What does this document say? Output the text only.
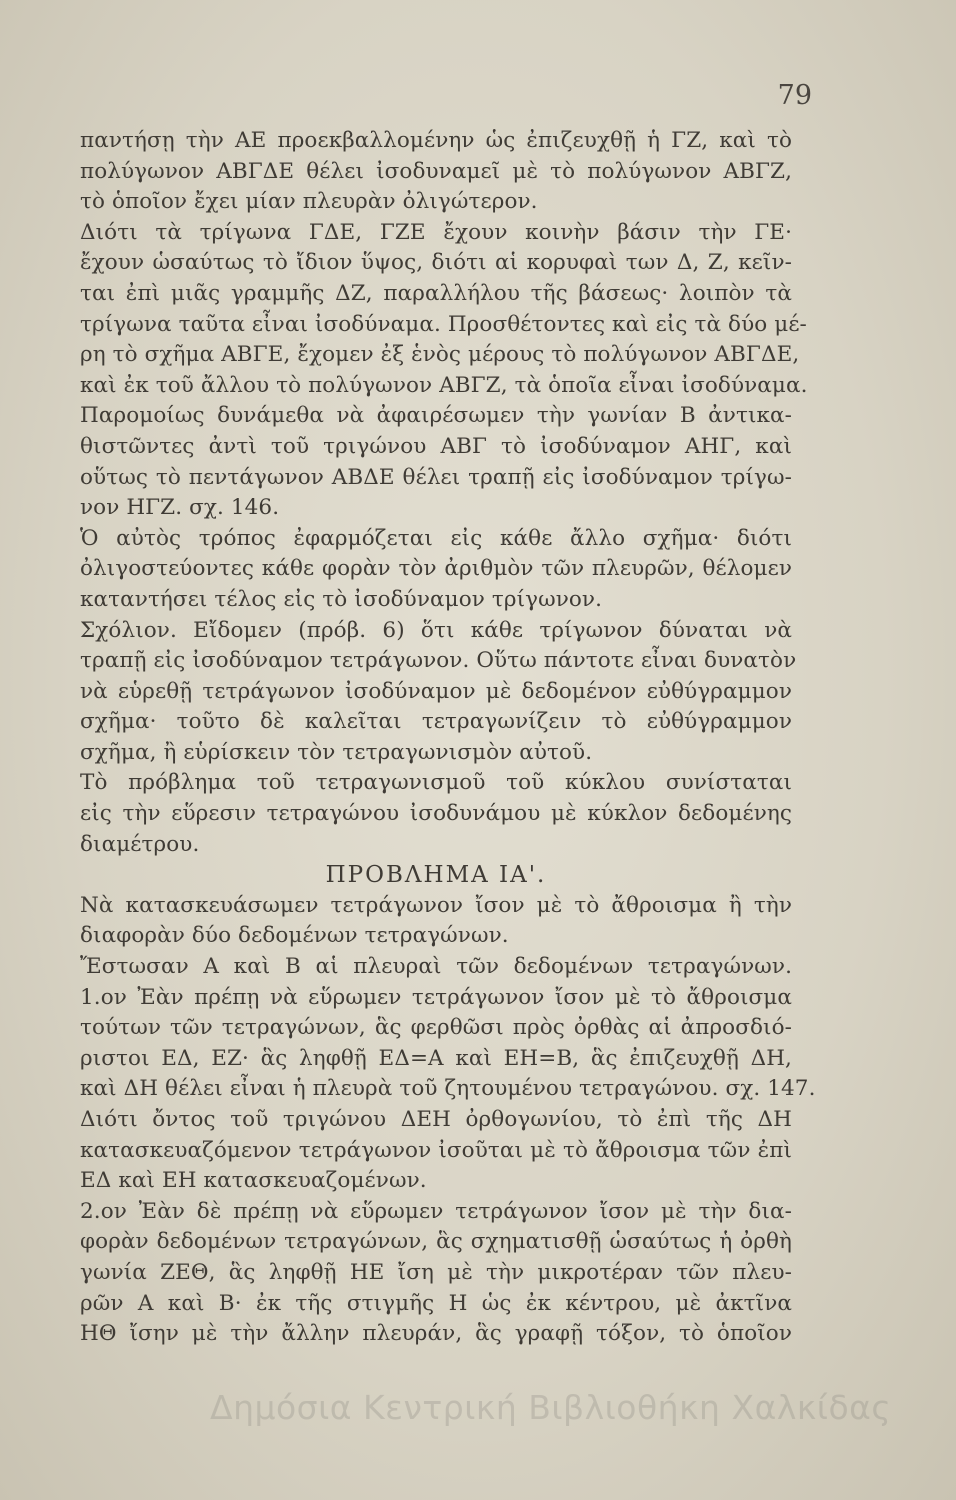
79
παντήσῃ τὴν ΑΕ προεκβαλλομένην ὡς ἐπιζευχθῇ ἡ ΓΖ, καὶ τὸ
πολύγωνον ΑΒΓΔΕ θέλει ἰσοδυναμεῖ μὲ τὸ πολύγωνον ΑΒΓΖ,
τὸ ὁποῖον ἔχει μίαν πλευρὰν ὀλιγώτερον.
Διότι τὰ τρίγωνα ΓΔΕ, ΓΖΕ ἔχουν κοινὴν βάσιν τὴν ΓΕ·
ἔχουν ὡσαύτως τὸ ἴδιον ὕψος, διότι αἱ κορυφαὶ των Δ, Ζ, κεῖν-
ται ἐπὶ μιᾶς γραμμῆς ΔΖ, παραλλήλου τῆς βάσεως· λοιπὸν τὰ
τρίγωνα ταῦτα εἶναι ἰσοδύναμα. Προσθέτοντες καὶ εἰς τὰ δύο μέ-
ρη τὸ σχῆμα ΑΒΓΕ, ἔχομεν ἐξ ἑνὸς μέρους τὸ πολύγωνον ΑΒΓΔΕ,
καὶ ἐκ τοῦ ἄλλου τὸ πολύγωνον ΑΒΓΖ, τὰ ὁποῖα εἶναι ἰσοδύναμα.
Παρομοίως δυνάμεθα νὰ ἀφαιρέσωμεν τὴν γωνίαν Β ἀντικα-
θιστῶντες ἀντὶ τοῦ τριγώνου ΑΒΓ τὸ ἰσοδύναμον ΑΗΓ, καὶ
οὕτως τὸ πεντάγωνον ΑΒΔΕ θέλει τραπῇ εἰς ἰσοδύναμον τρίγω-
νον ΗΓΖ. σχ. 146.
Ὁ αὐτὸς τρόπος ἐφαρμόζεται εἰς κάθε ἄλλο σχῆμα· διότι
ὀλιγοστεύοντες κάθε φορὰν τὸν ἀριθμὸν τῶν πλευρῶν, θέλομεν
καταντήσει τέλος εἰς τὸ ἰσοδύναμον τρίγωνον.
Σχόλιον. Εἴδομεν (πρόβ. 6) ὅτι κάθε τρίγωνον δύναται νὰ
τραπῇ εἰς ἰσοδύναμον τετράγωνον. Οὕτω πάντοτε εἶναι δυνατὸν
νὰ εὑρεθῇ τετράγωνον ἰσοδύναμον μὲ δεδομένον εὐθύγραμμον
σχῆμα· τοῦτο δὲ καλεῖται τετραγωνίζειν τὸ εὐθύγραμμον
σχῆμα, ἢ εὑρίσκειν τὸν τετραγωνισμὸν αὐτοῦ.
Τὸ πρόβλημα τοῦ τετραγωνισμοῦ τοῦ κύκλου συνίσταται
εἰς τὴν εὕρεσιν τετραγώνου ἰσοδυνάμου μὲ κύκλον δεδομένης
διαμέτρου.
ΠΡΟΒΛΗΜΑ ΙΑ'.
Νὰ κατασκευάσωμεν τετράγωνον ἴσον μὲ τὸ ἄθροισμα ἢ τὴν
διαφορὰν δύο δεδομένων τετραγώνων.
Ἔστωσαν Α καὶ Β αἱ πλευραὶ τῶν δεδομένων τετραγώνων.
1.ον Ἐὰν πρέπῃ νὰ εὕρωμεν τετράγωνον ἴσον μὲ τὸ ἄθροισμα
τούτων τῶν τετραγώνων, ἃς φερθῶσι πρὸς ὀρθὰς αἱ ἀπροσδιό-
ριστοι ΕΔ, ΕΖ· ἃς ληφθῇ ΕΔ=Α καὶ ΕΗ=Β, ἃς ἐπιζευχθῇ ΔΗ,
καὶ ΔΗ θέλει εἶναι ἡ πλευρὰ τοῦ ζητουμένου τετραγώνου. σχ. 147.
Διότι ὄντος τοῦ τριγώνου ΔΕΗ ὀρθογωνίου, τὸ ἐπὶ τῆς ΔΗ
κατασκευαζόμενον τετράγωνον ἰσοῦται μὲ τὸ ἄθροισμα τῶν ἐπὶ
ΕΔ καὶ ΕΗ κατασκευαζομένων.
2.ον Ἐὰν δὲ πρέπῃ νὰ εὕρωμεν τετράγωνον ἴσον μὲ τὴν δια-
φορὰν δεδομένων τετραγώνων, ἃς σχηματισθῇ ὡσαύτως ἡ ὀρθὴ
γωνία ΖΕΘ, ἃς ληφθῇ ΗΕ ἴση μὲ τὴν μικροτέραν τῶν πλευ-
ρῶν Α καὶ Β· ἐκ τῆς στιγμῆς Η ὡς ἐκ κέντρου, μὲ ἀκτῖνα
ΗΘ ἴσην μὲ τὴν ἄλλην πλευράν, ἃς γραφῇ τόξον, τὸ ὁποῖον
Δημόσια Κεντρική Βιβλιοθήκη Χαλκίδας
